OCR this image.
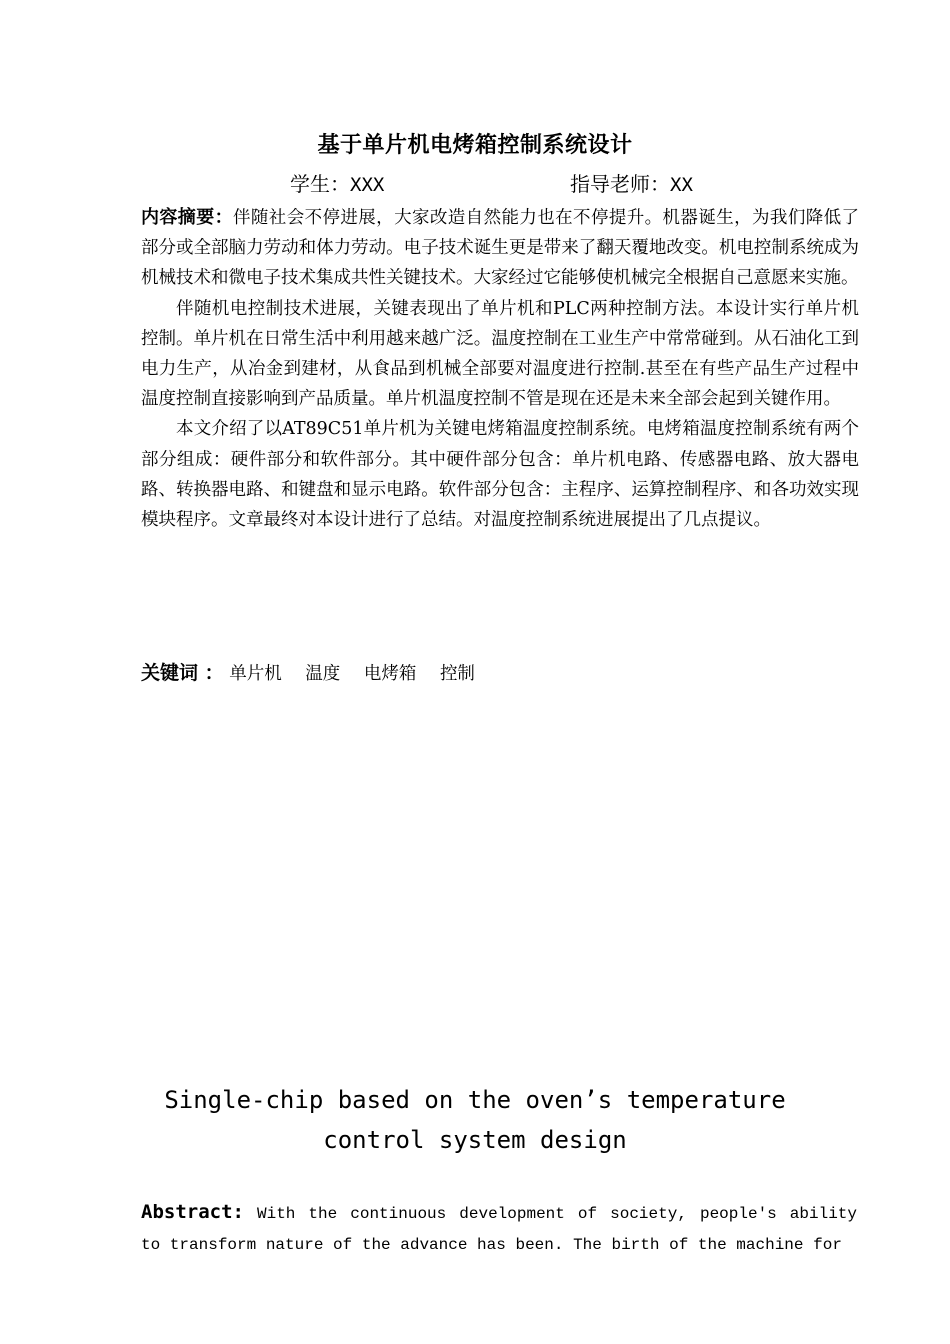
基于单片机电烤箱控制系统设计
学生：XXX	指导老师：XX

内容摘要：伴随社会不停进展，大家改造自然能力也在不停提升。机器诞生，为我们降低了部分或全部脑力劳动和体力劳动。电子技术诞生更是带来了翻天覆地改变。机电控制系统成为机械技术和微电子技术集成共性关键技术。大家经过它能够使机械完全根据自己意愿来实施。

伴随机电控制技术进展，关键表现出了单片机和PLC两种控制方法。本设计实行单片机控制。单片机在日常生活中利用越来越广泛。温度控制在工业生产中常常碰到。从石油化工到电力生产，从冶金到建材，从食品到机械全部要对温度进行控制.甚至在有些产品生产过程中温度控制直接影响到产品质量。单片机温度控制不管是现在还是未来全部会起到关键作用。

本文介绍了以AT89C51单片机为关键电烤箱温度控制系统。电烤箱温度控制系统有两个部分组成：硬件部分和软件部分。其中硬件部分包含：单片机电路、传感器电路、放大器电路、转换器电路、和键盘和显示电路。软件部分包含：主程序、运算控制程序、和各功效实现模块程序。文章最终对本设计进行了总结。对温度控制系统进展提出了几点提议。

关键词 ： 单片机 温度 电烤箱 控制
Single-chip based on the oven’s temperature
control system design
Abstract: With the continuous development of society, people's ability to transform nature of the advance has been. The birth of the machine for
